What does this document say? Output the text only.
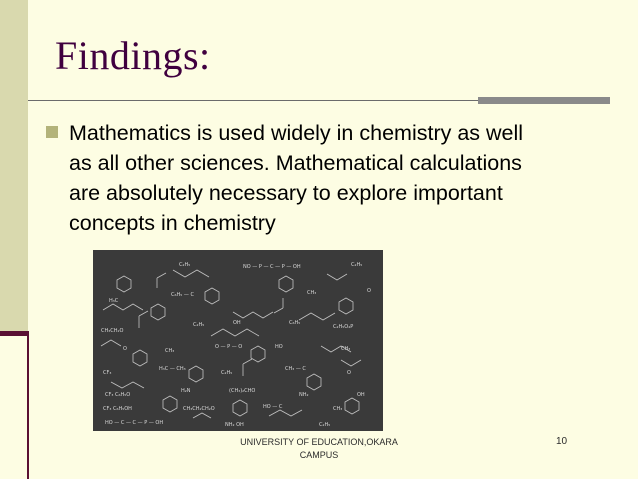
Findings:
Mathematics is used widely in chemistry as well as all other sciences. Mathematical calculations are absolutely necessary to explore important concepts in chemistry
C₂H₅	NO — P — C — P — OH	C₂H₅
H₃C
C₆H₅ — C	CH₃	O
CH₃CH₂O
C₂H₅	OH	C₆H₅
C₂H₅O₄P
O	CH₃
O — P — O	HO	CH₃
CF₃
H₃C — CH₃
C₂H₅
CH₃ — C
O
CF₃ C₆H₅O
H₂N	(CH₃)₂CHO
NH₂	OH
CF₃ C₆H₅OH	CH₃CH₂CH₂O	HO — C	CH₃
HO — C — C — P — OH	NH₂ OH	C₂H₅
UNIVERSITY OF EDUCATION,OKARA
CAMPUS
10
